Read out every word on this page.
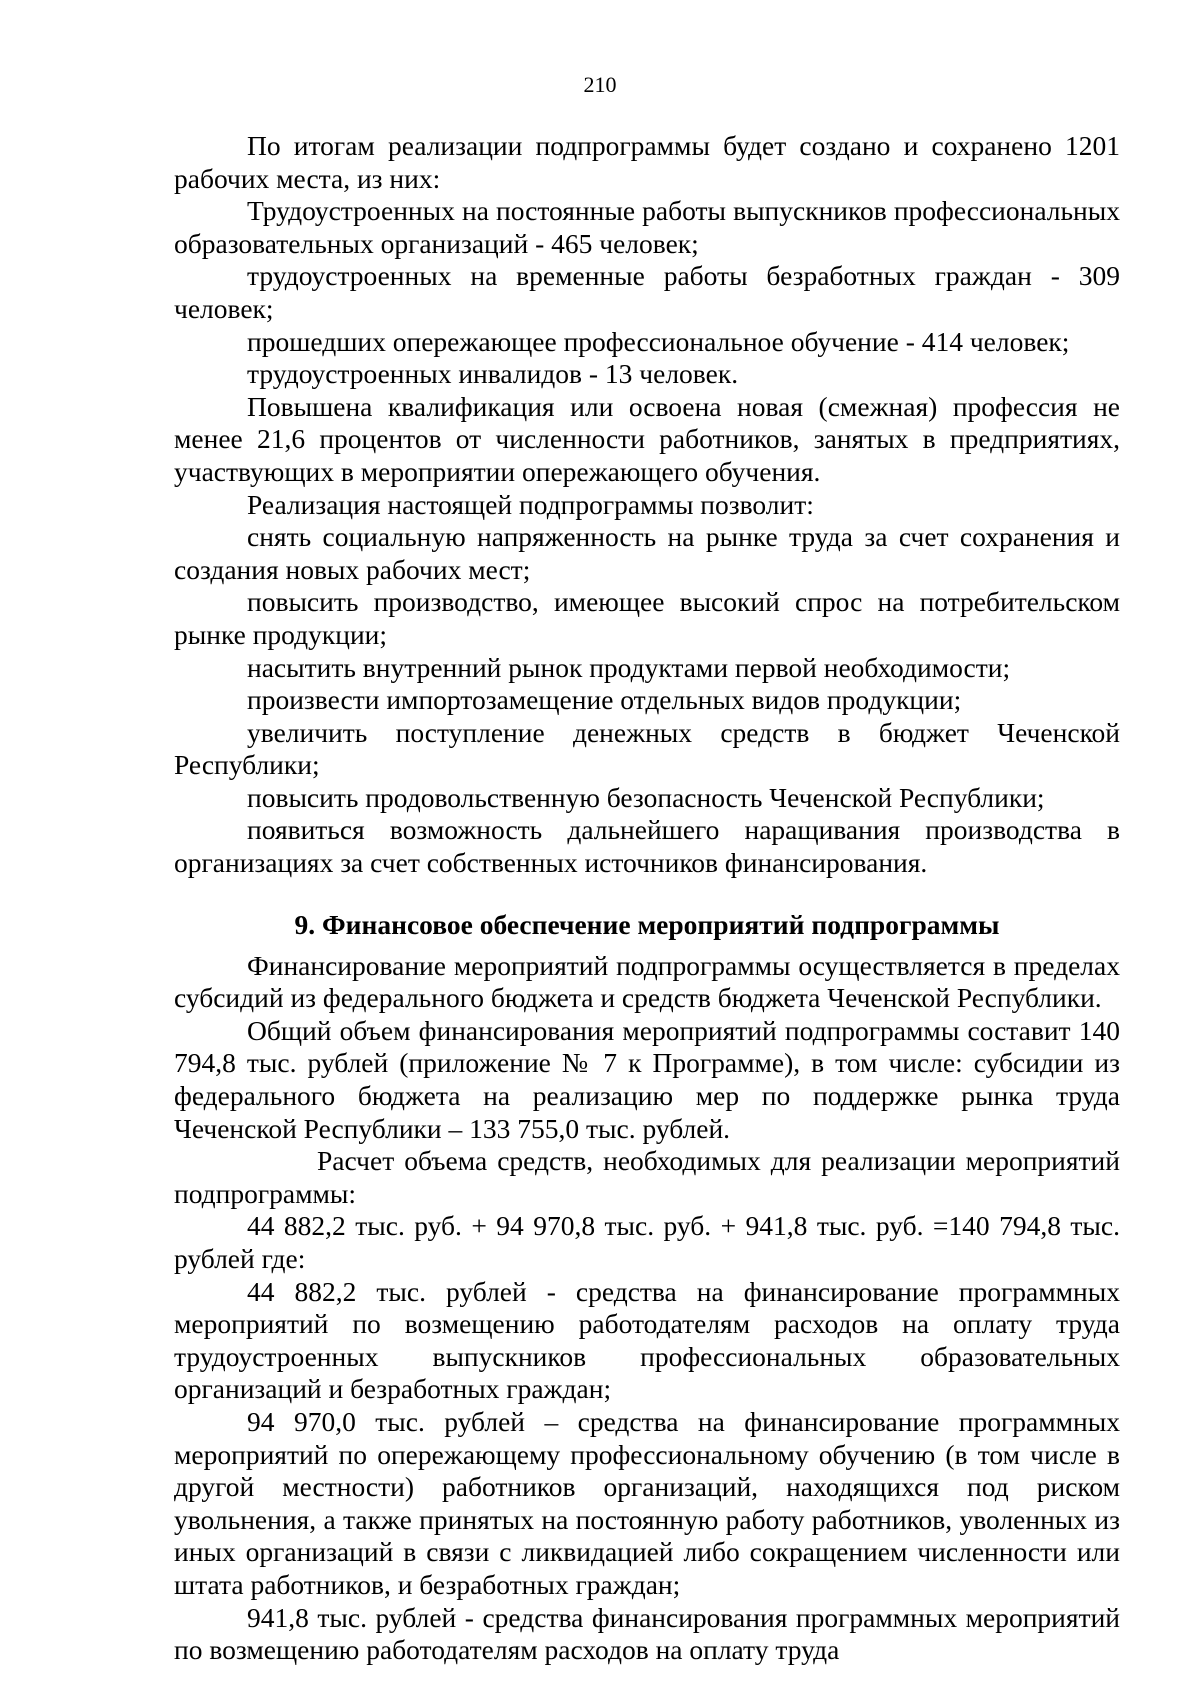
210

По итогам реализации подпрограммы будет создано и сохранено 1201 рабочих места, из них:

Трудоустроенных на постоянные работы выпускников профессиональных образовательных организаций - 465 человек;

трудоустроенных на временные работы безработных граждан - 309 человек;

прошедших опережающее профессиональное обучение - 414 человек;

трудоустроенных инвалидов - 13 человек.

Повышена квалификация или освоена новая (смежная) профессия не менее 21,6 процентов от численности работников, занятых в предприятиях, участвующих в мероприятии опережающего обучения.

Реализация настоящей подпрограммы позволит:

снять социальную напряженность на рынке труда за счет сохранения и создания новых рабочих мест;

повысить производство, имеющее высокий спрос на потребительском рынке продукции;

насытить внутренний рынок продуктами первой необходимости;

произвести импортозамещение отдельных видов продукции;

увеличить поступление денежных средств в бюджет Чеченской Республики;

повысить продовольственную безопасность Чеченской Республики;

появиться возможность дальнейшего наращивания производства в организациях за счет собственных источников финансирования.

9. Финансовое обеспечение мероприятий подпрограммы

Финансирование мероприятий подпрограммы осуществляется в пределах субсидий из федерального бюджета и средств бюджета Чеченской Республики.

Общий объем финансирования мероприятий подпрограммы составит 140 794,8 тыс. рублей (приложение № 7 к Программе), в том числе: субсидии из федерального бюджета на реализацию мер по поддержке рынка труда Чеченской Республики – 133 755,0 тыс. рублей.

Расчет объема средств, необходимых для реализации мероприятий подпрограммы:

44 882,2 тыс. руб. + 94 970,8 тыс. руб. + 941,8 тыс. руб. =140 794,8 тыс. рублей где:

44 882,2 тыс. рублей - средства на финансирование программных мероприятий по возмещению работодателям расходов на оплату труда трудоустроенных выпускников профессиональных образовательных организаций и безработных граждан;

94 970,0 тыс. рублей – средства на финансирование программных мероприятий по опережающему профессиональному обучению (в том числе в другой местности) работников организаций, находящихся под риском увольнения, а также принятых на постоянную работу работников, уволенных из иных организаций в связи с ликвидацией либо сокращением численности или штата работников, и безработных граждан;

941,8 тыс. рублей - средства финансирования программных мероприятий по возмещению работодателям расходов на оплату труда
